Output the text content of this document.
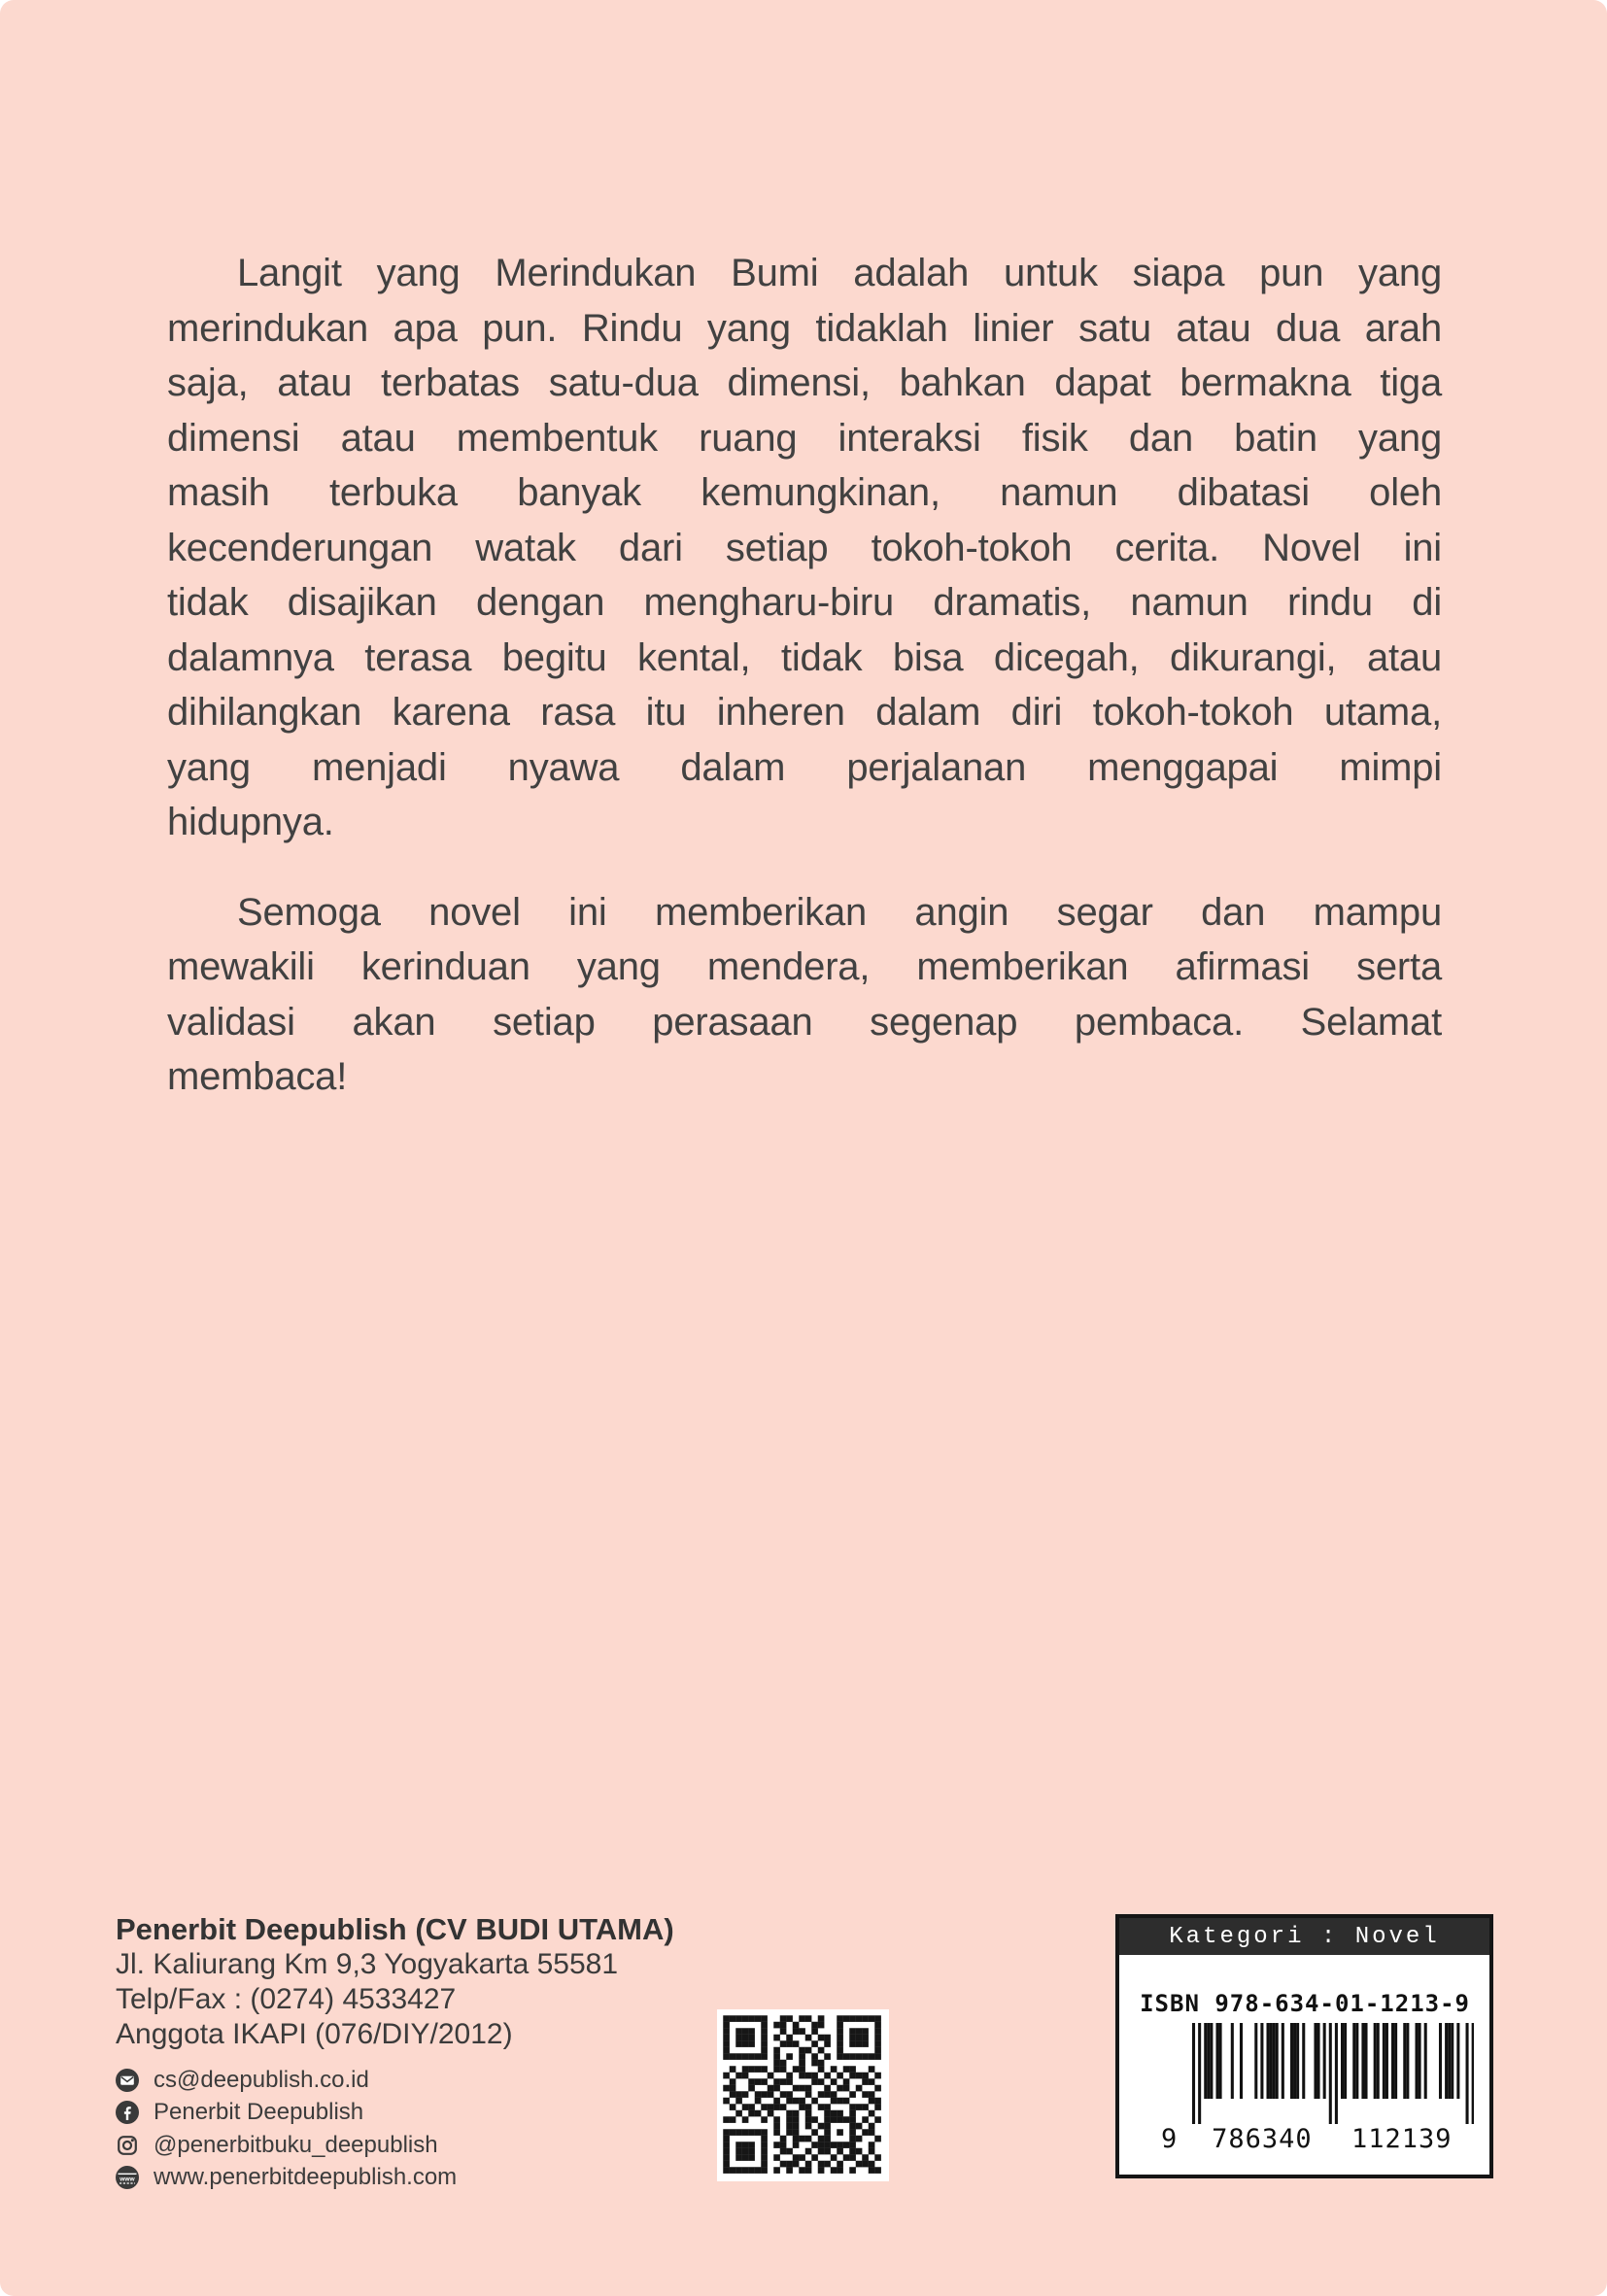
Langit yang Merindukan Bumi adalah untuk siapa pun yang
merindukan apa pun. Rindu yang tidaklah linier satu atau dua arah
saja, atau terbatas satu-dua dimensi, bahkan dapat bermakna tiga
dimensi atau membentuk ruang interaksi fisik dan batin yang
masih terbuka banyak kemungkinan, namun dibatasi oleh
kecenderungan watak dari setiap tokoh-tokoh cerita. Novel ini
tidak disajikan dengan mengharu-biru dramatis, namun rindu di
dalamnya terasa begitu kental, tidak bisa dicegah, dikurangi, atau
dihilangkan karena rasa itu inheren dalam diri tokoh-tokoh utama,
yang menjadi nyawa dalam perjalanan menggapai mimpi
hidupnya.

Semoga novel ini memberikan angin segar dan mampu
mewakili kerinduan yang mendera, memberikan afirmasi serta
validasi akan setiap perasaan segenap pembaca. Selamat
membaca!

Penerbit Deepublish (CV BUDI UTAMA)
Jl. Kaliurang Km 9,3 Yogyakarta 55581
Telp/Fax : (0274) 4533427
Anggota IKAPI (076/DIY/2012)
cs@deepublish.co.id
Penerbit Deepublish
@penerbitbuku_deepublish
www www.penerbitdeepublish.com
Kategori : Novel
ISBN 978-634-01-1213-9
9 786340 112139
